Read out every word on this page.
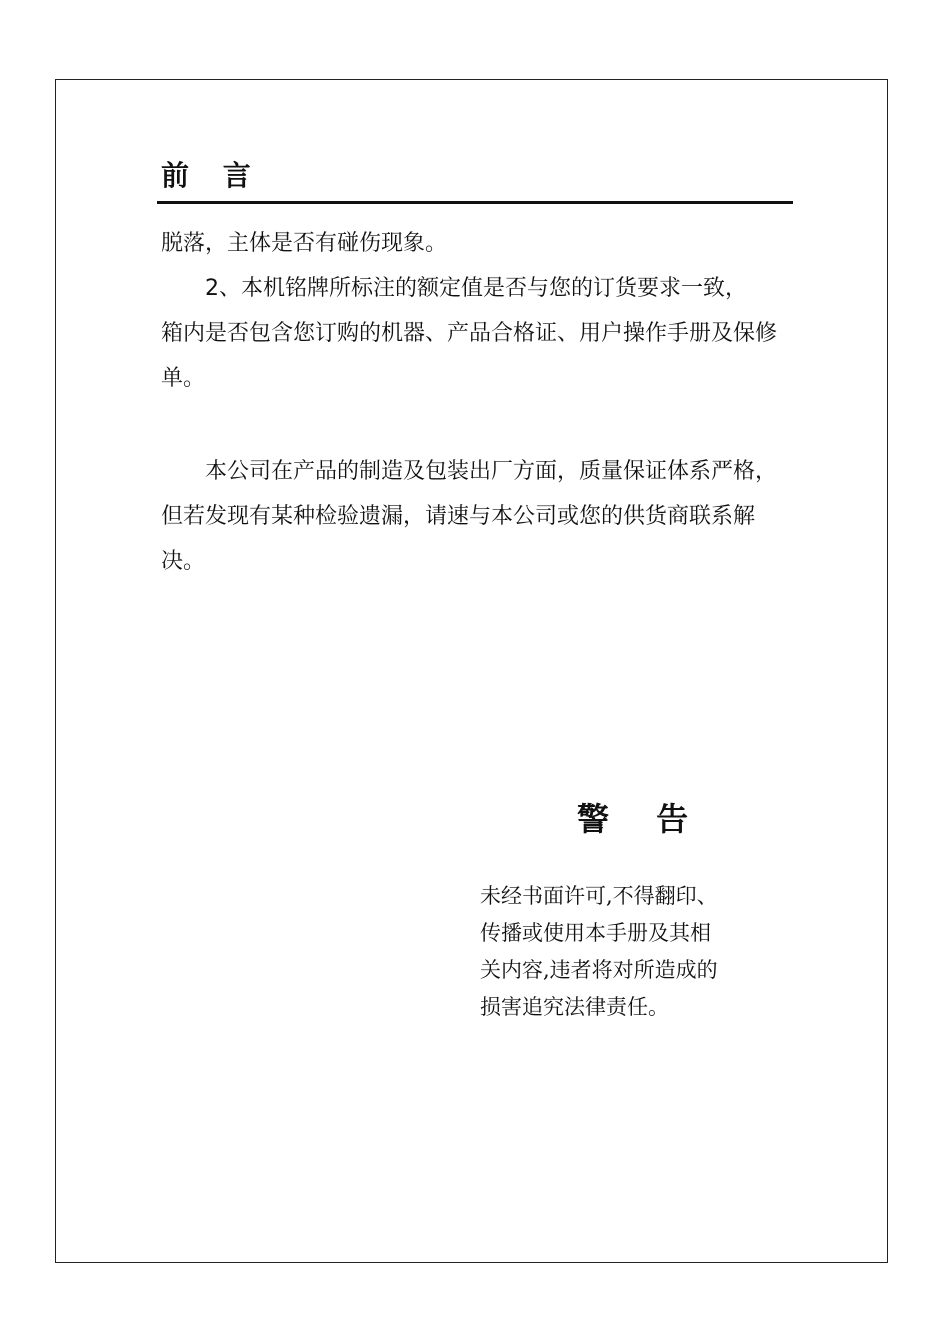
前 言
脱落，主体是否有碰伤现象。
2、本机铭牌所标注的额定值是否与您的订货要求一致，
箱内是否包含您订购的机器、产品合格证、用户操作手册及保修单。
本公司在产品的制造及包装出厂方面，质量保证体系严格，但若发现有某种检验遗漏，请速与本公司或您的供货商联系解决。
警 告
未经书面许可,不得翻印、
传播或使用本手册及其相
关内容,违者将对所造成的
损害追究法律责任。
